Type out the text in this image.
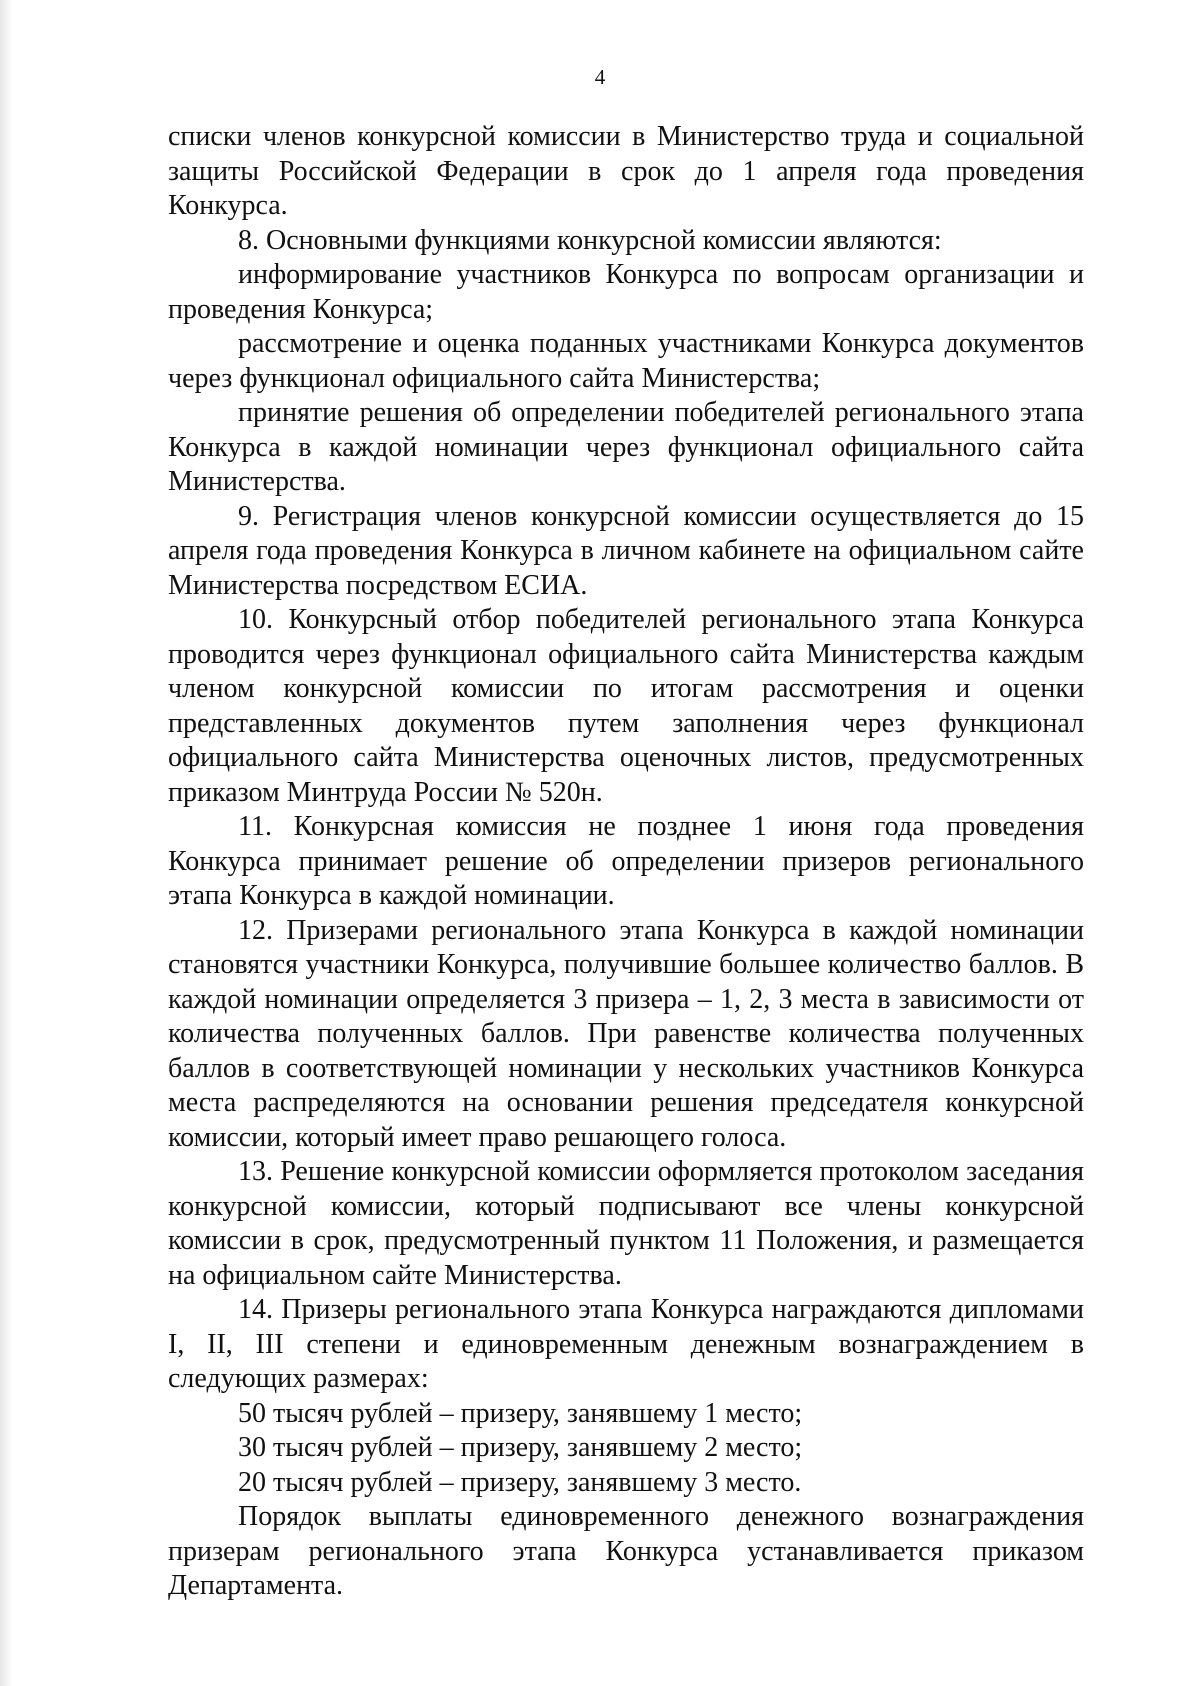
4

списки членов конкурсной комиссии в Министерство труда и социальной защиты Российской Федерации в срок до 1 апреля года проведения Конкурса.

8. Основными функциями конкурсной комиссии являются:

информирование участников Конкурса по вопросам организации и проведения Конкурса;

рассмотрение и оценка поданных участниками Конкурса документов через функционал официального сайта Министерства;

принятие решения об определении победителей регионального этапа Конкурса в каждой номинации через функционал официального сайта Министерства.

9. Регистрация членов конкурсной комиссии осуществляется до 15 апреля года проведения Конкурса в личном кабинете на официальном сайте Министерства посредством ЕСИА.

10. Конкурсный отбор победителей регионального этапа Конкурса проводится через функционал официального сайта Министерства каждым членом конкурсной комиссии по итогам рассмотрения и оценки представленных документов путем заполнения через функционал официального сайта Министерства оценочных листов, предусмотренных приказом Минтруда России № 520н.

11. Конкурсная комиссия не позднее 1 июня года проведения Конкурса принимает решение об определении призеров регионального этапа Конкурса в каждой номинации.

12. Призерами регионального этапа Конкурса в каждой номинации становятся участники Конкурса, получившие большее количество баллов. В каждой номинации определяется 3 призера – 1, 2, 3 места в зависимости от количества полученных баллов. При равенстве количества полученных баллов в соответствующей номинации у нескольких участников Конкурса места распределяются на основании решения председателя конкурсной комиссии, который имеет право решающего голоса.

13. Решение конкурсной комиссии оформляется протоколом заседания конкурсной комиссии, который подписывают все члены конкурсной комиссии в срок, предусмотренный пунктом 11 Положения, и размещается на официальном сайте Министерства.

14. Призеры регионального этапа Конкурса награждаются дипломами I, II, III степени и единовременным денежным вознаграждением в следующих размерах:

50 тысяч рублей – призеру, занявшему 1 место;

30 тысяч рублей – призеру, занявшему 2 место;

20 тысяч рублей – призеру, занявшему 3 место.

Порядок выплаты единовременного денежного вознаграждения призерам регионального этапа Конкурса устанавливается приказом Департамента.
